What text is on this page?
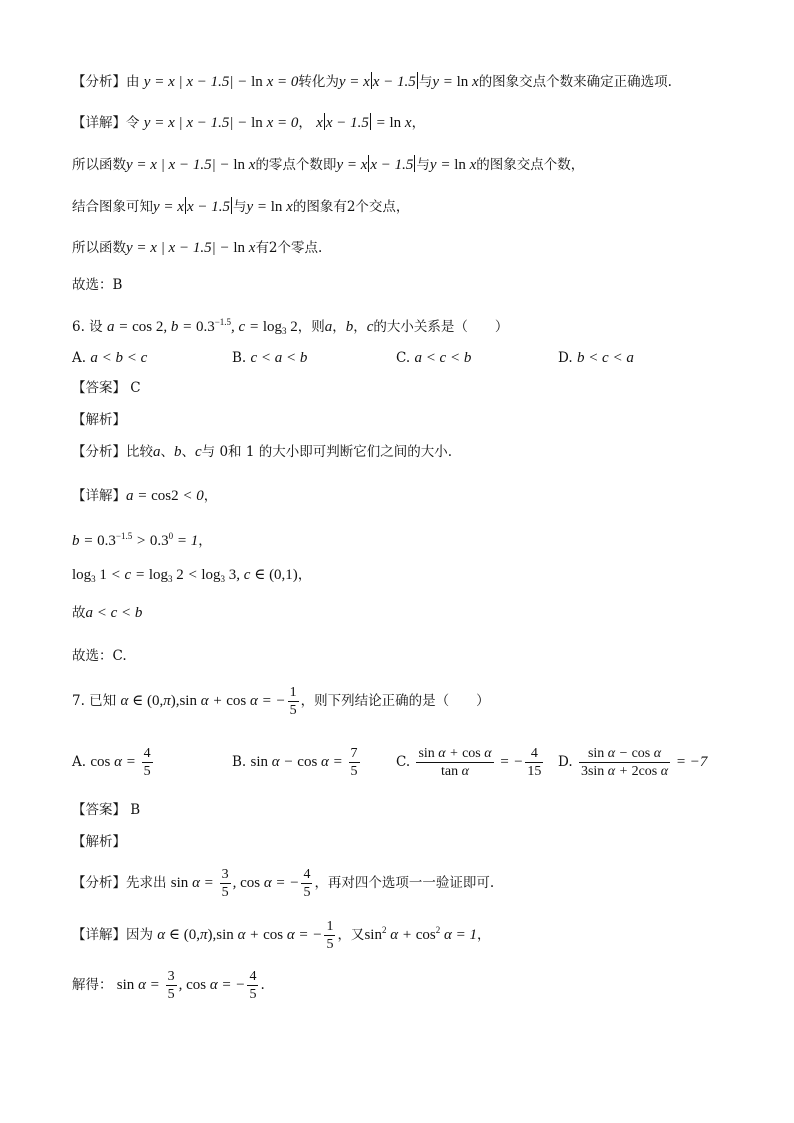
【分析】由 y = x | x − 1.5| − ln x = 0转化为y = x x − 1.5 与y = ln x的图象交点个数来确定正确选项.
【详解】令 y = x | x − 1.5| − ln x = 0， x x − 1.5 = ln x，
所以函数y = x | x − 1.5| − ln x的零点个数即y = x x − 1.5 与y = ln x的图象交点个数，
结合图象可知y = x x − 1.5 与y = ln x的图象有2个交点，
所以函数y = x | x − 1.5| − ln x有2个零点.
故选：B
6. 设 a = cos 2, $b = 0.3^{-1.5}$, $c = \log_3 2$，则a，b，c的大小关系是（　　）
A. a < b < c	B. c < a < b	C. a < c < b	D. b < c < a
【答案】 C
【解析】
【分析】比较a、b、c与 0和 1 的大小即可判断它们之间的大小.
【详解】a = cos2 < 0，
$b = 0.3^{-1.5} > 0.3^0 = 1$，
$\log_3 1 < c = \log_3 2 < \log_3 3$, c ∈ (0,1)，
故a < c < b
故选：C.
7. 已知 α ∈ (0,π),sin α + cos α = − $\frac{1}{5}$ ，则下列结论正确的是（　　）
A. $\cos \alpha = \frac{4}{5}$	B. $\sin \alpha - \cos \alpha = \frac{7}{5}$	C. $\frac{\text{sin α + cos α}}{\text{tan α}}$ = − $\frac{4}{15} D$. $\frac{\text{sin α − cos α}}{\text{3sin α + 2cos α}} = -7$
【答案】 B
【解析】
【分析】先求出 $\sin \alpha = \frac{3}{5}$ , cos α = − $\frac{4}{5}$ ，再对四个选项一一验证即可.
【详解】因为 α ∈ (0,π),sin α + cos α = − $\frac{1}{5}$ ，又$\sin^2 \alpha + \cos^2 \alpha = 1$，
解得： $\sin \alpha = \frac{3}{5}$ , cos α = − $\frac{4}{5}$ .
